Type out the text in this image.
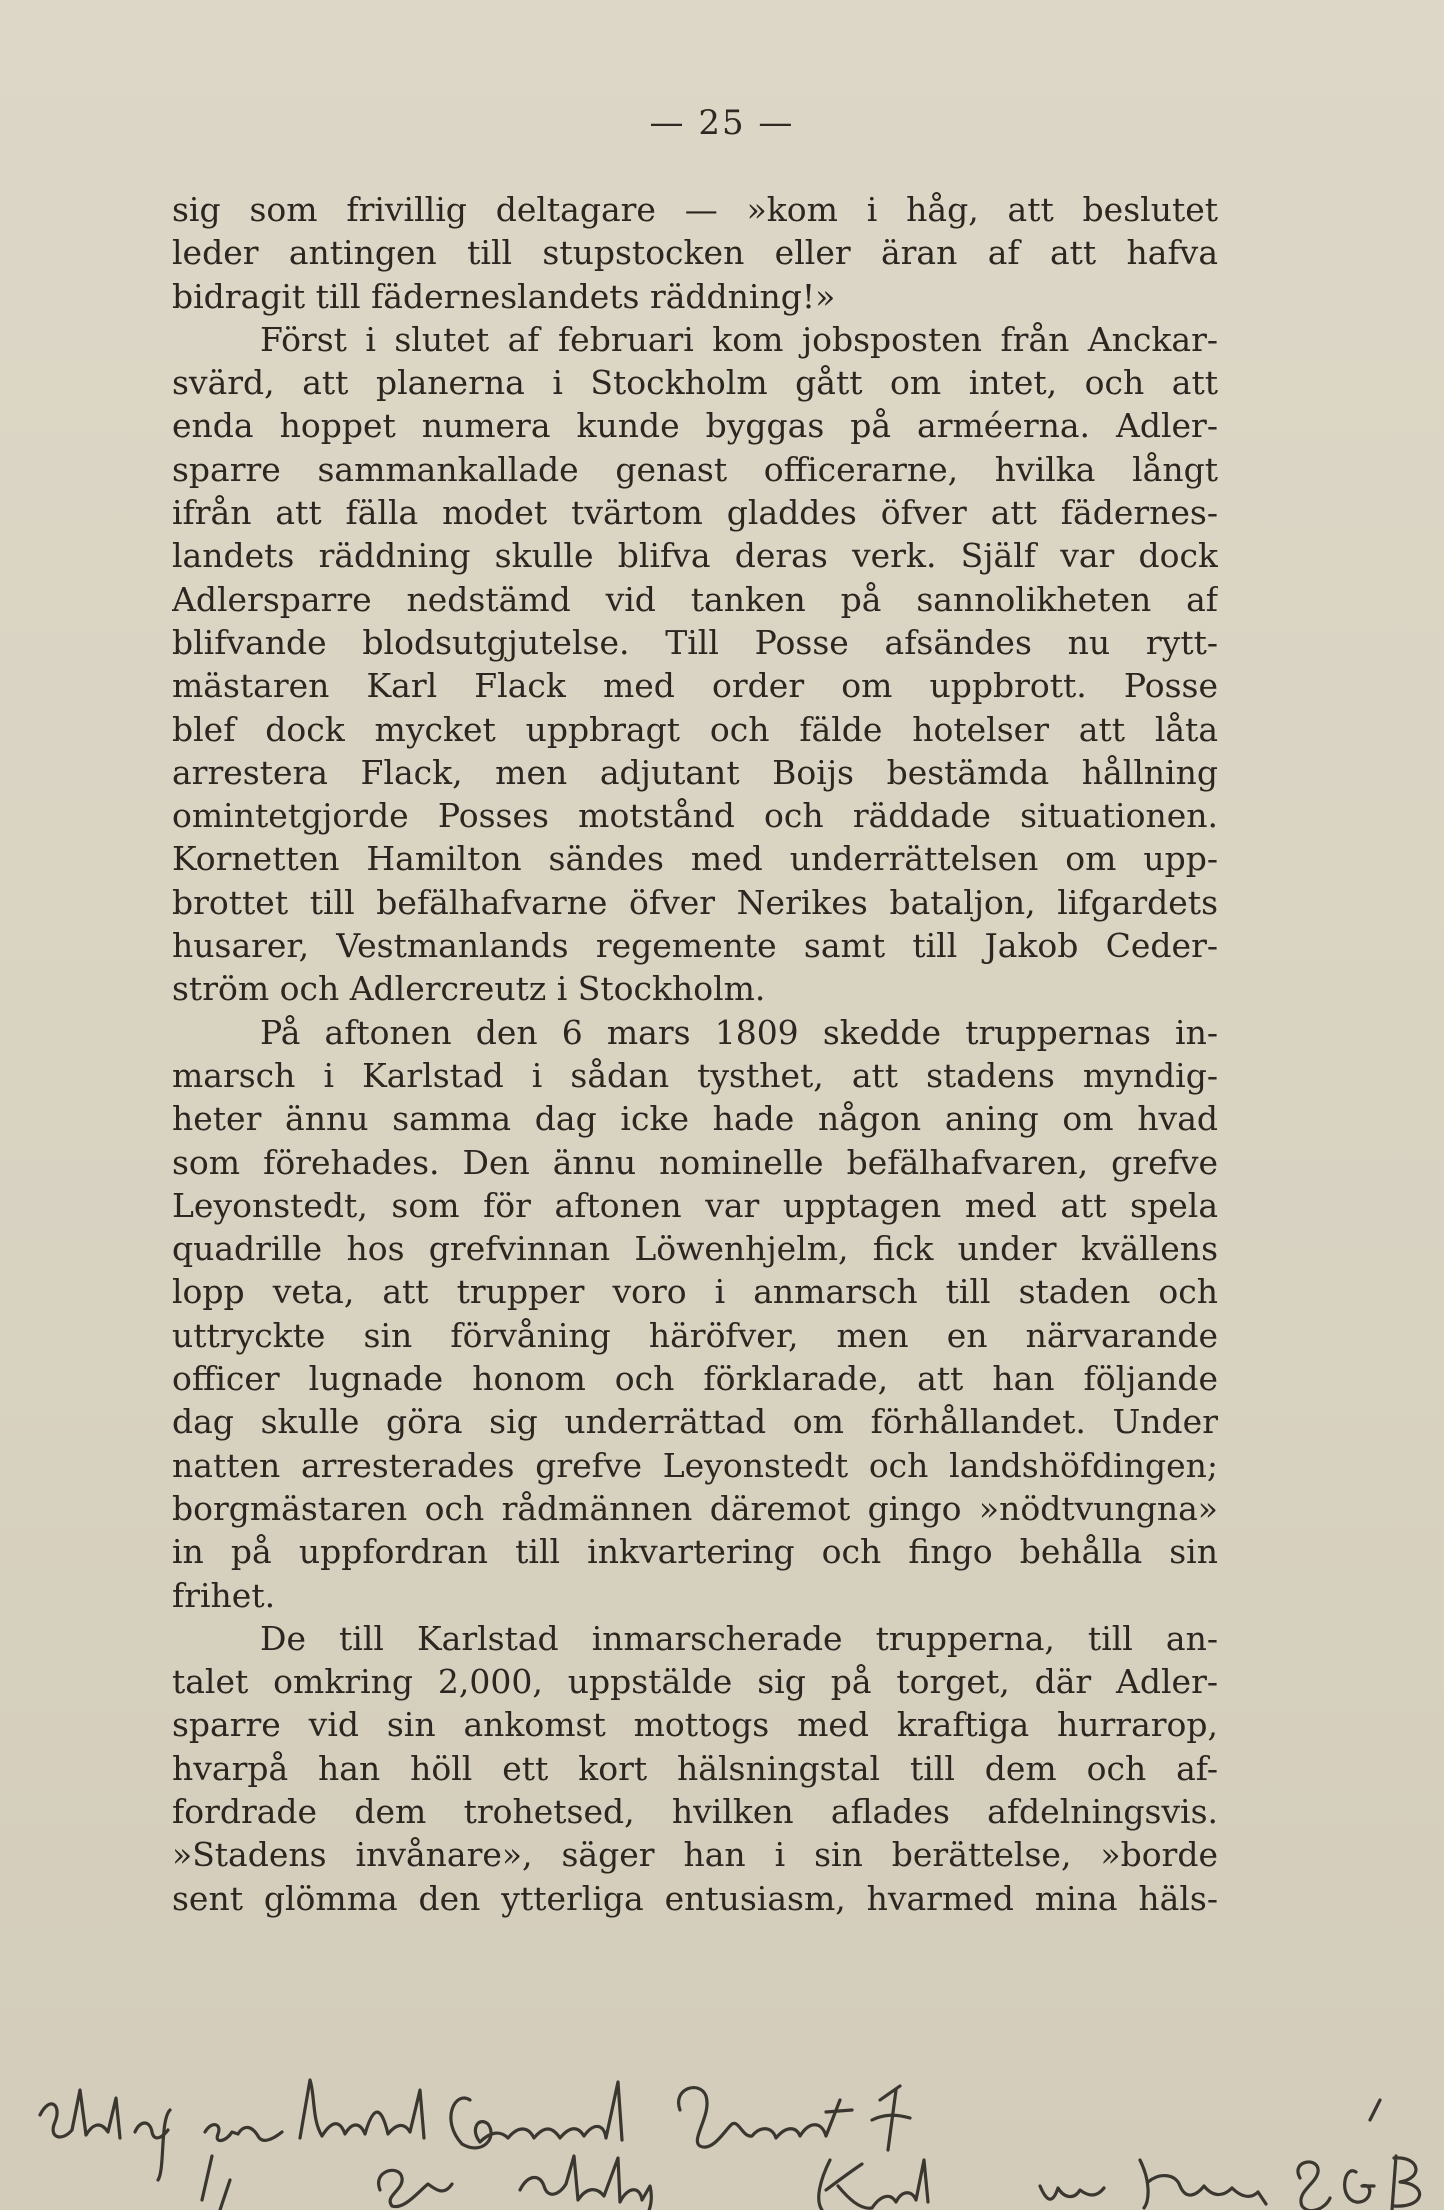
— 25 —
sig som frivillig deltagare — »kom i håg, att beslutet
leder antingen till stupstocken eller äran af att hafva
bidragit till fäderneslandets räddning!»
Först i slutet af februari kom jobsposten från Anckar-
svärd, att planerna i Stockholm gått om intet, och att
enda hoppet numera kunde byggas på arméerna. Adler-
sparre sammankallade genast officerarne, hvilka långt
ifrån att fälla modet tvärtom gladdes öfver att fädernes-
landets räddning skulle blifva deras verk. Själf var dock
Adlersparre nedstämd vid tanken på sannolikheten af
blifvande blodsutgjutelse. Till Posse afsändes nu rytt-
mästaren Karl Flack med order om uppbrott. Posse
blef dock mycket uppbragt och fälde hotelser att låta
arrestera Flack, men adjutant Boijs bestämda hållning
omintetgjorde Posses motstånd och räddade situationen.
Kornetten Hamilton sändes med underrättelsen om upp-
brottet till befälhafvarne öfver Nerikes bataljon, lifgardets
husarer, Vestmanlands regemente samt till Jakob Ceder-
ström och Adlercreutz i Stockholm.
På aftonen den 6 mars 1809 skedde truppernas in-
marsch i Karlstad i sådan tysthet, att stadens myndig-
heter ännu samma dag icke hade någon aning om hvad
som förehades. Den ännu nominelle befälhafvaren, grefve
Leyonstedt, som för aftonen var upptagen med att spela
quadrille hos grefvinnan Löwenhjelm, fick under kvällens
lopp veta, att trupper voro i anmarsch till staden och
uttryckte sin förvåning häröfver, men en närvarande
officer lugnade honom och förklarade, att han följande
dag skulle göra sig underrättad om förhållandet. Under
natten arresterades grefve Leyonstedt och landshöfdingen;
borgmästaren och rådmännen däremot gingo »nödtvungna»
in på uppfordran till inkvartering och fingo behålla sin
frihet.
De till Karlstad inmarscherade trupperna, till an-
talet omkring 2,000, uppstälde sig på torget, där Adler-
sparre vid sin ankomst mottogs med kraftiga hurrarop,
hvarpå han höll ett kort hälsningstal till dem och af-
fordrade dem trohetsed, hvilken aflades afdelningsvis.
»Stadens invånare», säger han i sin berättelse, »borde
sent glömma den ytterliga entusiasm, hvarmed mina häls-
